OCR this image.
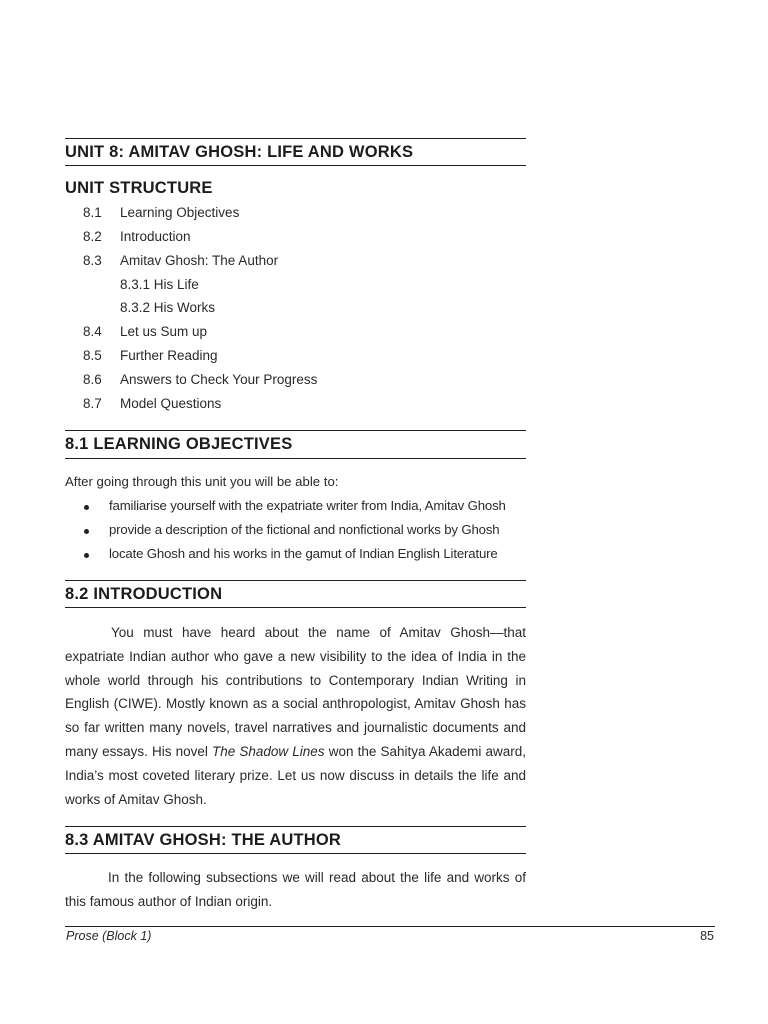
UNIT 8: AMITAV GHOSH: LIFE AND WORKS
UNIT STRUCTURE
8.1 Learning Objectives
8.2 Introduction
8.3 Amitav Ghosh: The Author
8.3.1 His Life
8.3.2 His Works
8.4 Let us Sum up
8.5 Further Reading
8.6 Answers to Check Your Progress
8.7 Model Questions
8.1 LEARNING OBJECTIVES
After going through this unit you will be able to:
familiarise yourself with the expatriate writer from India, Amitav Ghosh
provide a description of the fictional and nonfictional works by Ghosh
locate Ghosh and his works in the gamut of Indian English Literature
8.2 INTRODUCTION

You must have heard about the name of Amitav Ghosh—that expatriate Indian author who gave a new visibility to the idea of India in the whole world through his contributions to Contemporary Indian Writing in English (CIWE). Mostly known as a social anthropologist, Amitav Ghosh has so far written many novels, travel narratives and journalistic documents and many essays. His novel The Shadow Lines won the Sahitya Akademi award, India’s most coveted literary prize. Let us now discuss in details the life and works of Amitav Ghosh.

8.3 AMITAV GHOSH: THE AUTHOR

In the following subsections we will read about the life and works of this famous author of Indian origin.

Prose (Block 1)	85
